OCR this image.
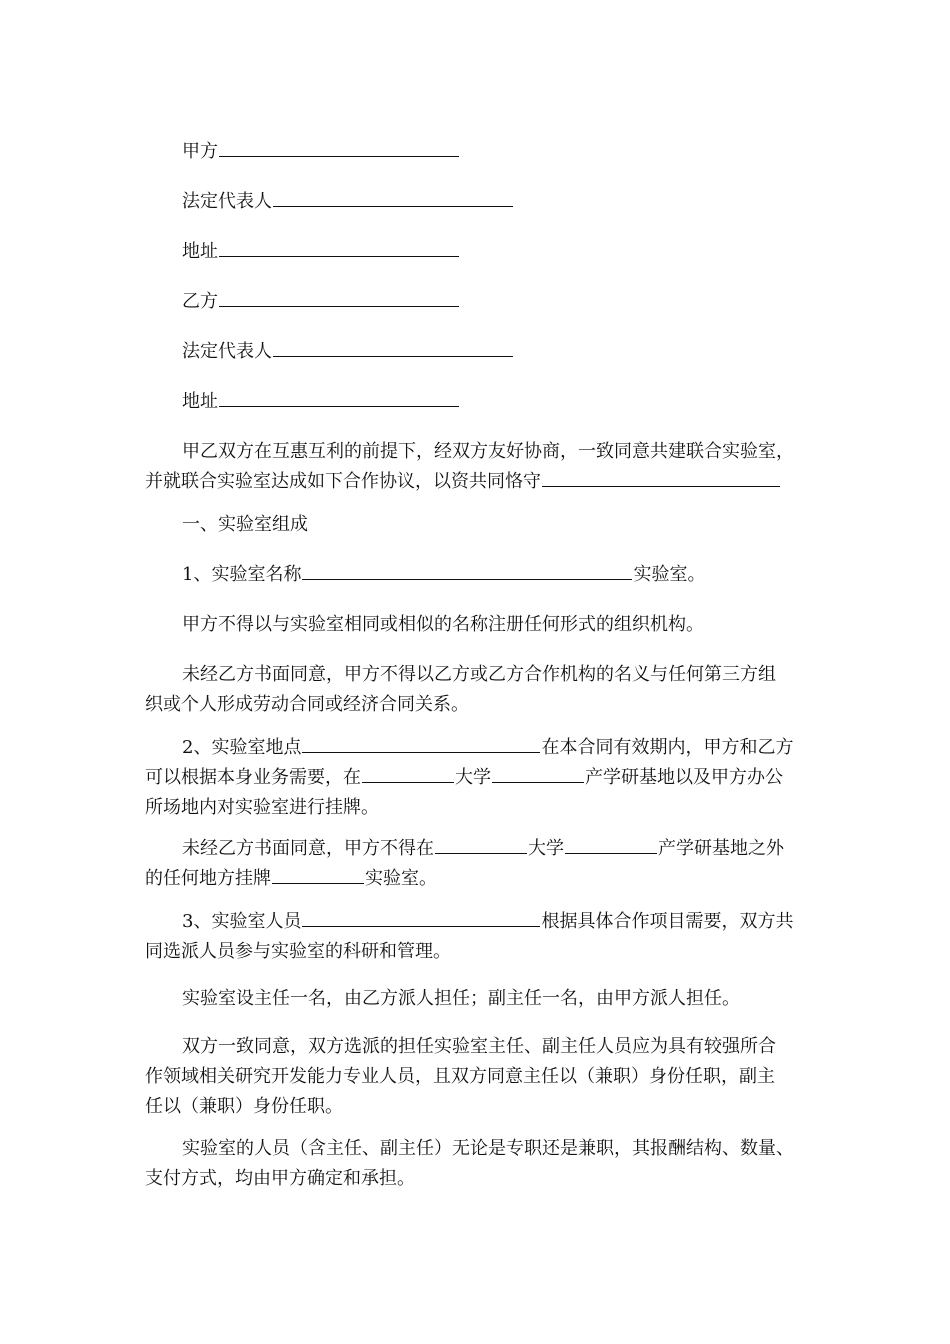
甲方
法定代表人
地址
乙方
法定代表人
地址
甲乙双方在互惠互利的前提下，经双方友好协商，一致同意共建联合实验室，
并就联合实验室达成如下合作协议，以资共同恪守
一、实验室组成
1、实验室名称	实验室。
甲方不得以与实验室相同或相似的名称注册任何形式的组织机构。
未经乙方书面同意，甲方不得以乙方或乙方合作机构的名义与任何第三方组
织或个人形成劳动合同或经济合同关系。
2、实验室地点	在本合同有效期内，甲方和乙方
可以根据本身业务需要，在	大学	产学研基地以及甲方办公
所场地内对实验室进行挂牌。
未经乙方书面同意，甲方不得在	大学	产学研基地之外
的任何地方挂牌	实验室。
3、实验室人员	根据具体合作项目需要，双方共
同选派人员参与实验室的科研和管理。
实验室设主任一名，由乙方派人担任；副主任一名，由甲方派人担任。
双方一致同意，双方选派的担任实验室主任、副主任人员应为具有较强所合
作领域相关研究开发能力专业人员，且双方同意主任以（兼职）身份任职，副主
任以（兼职）身份任职。
实验室的人员（含主任、副主任）无论是专职还是兼职，其报酬结构、数量、
支付方式，均由甲方确定和承担。
